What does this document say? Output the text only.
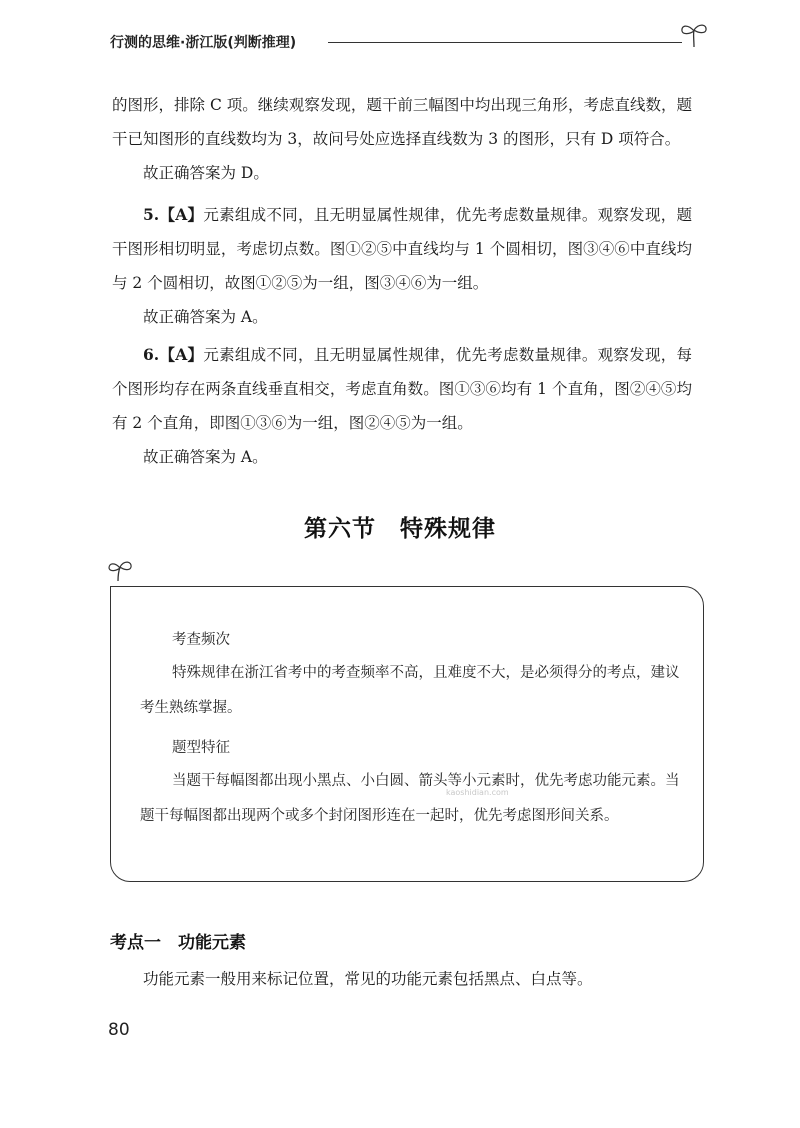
行测的思维·浙江版(判断推理)

的图形，排除 C 项。继续观察发现，题干前三幅图中均出现三角形，考虑直线数，题干已知图形的直线数均为 3，故问号处应选择直线数为 3 的图形，只有 D 项符合。

故正确答案为 D。

5.【A】元素组成不同，且无明显属性规律，优先考虑数量规律。观察发现，题干图形相切明显，考虑切点数。图①②⑤中直线均与 1 个圆相切，图③④⑥中直线均与 2 个圆相切，故图①②⑤为一组，图③④⑥为一组。

故正确答案为 A。

6.【A】元素组成不同，且无明显属性规律，优先考虑数量规律。观察发现，每个图形均存在两条直线垂直相交，考虑直角数。图①③⑥均有 1 个直角，图②④⑤均有 2 个直角，即图①③⑥为一组，图②④⑤为一组。

故正确答案为 A。

第六节　特殊规律
考查频次

特殊规律在浙江省考中的考查频率不高，且难度不大，是必须得分的考点，建议考生熟练掌握。

题型特征

当题干每幅图都出现小黑点、小白圆、箭头等小元素时，优先考虑功能元素。当题干每幅图都出现两个或多个封闭图形连在一起时，优先考虑图形间关系。

kaoshidian.com
考点一　功能元素

功能元素一般用来标记位置，常见的功能元素包括黑点、白点等。

80
